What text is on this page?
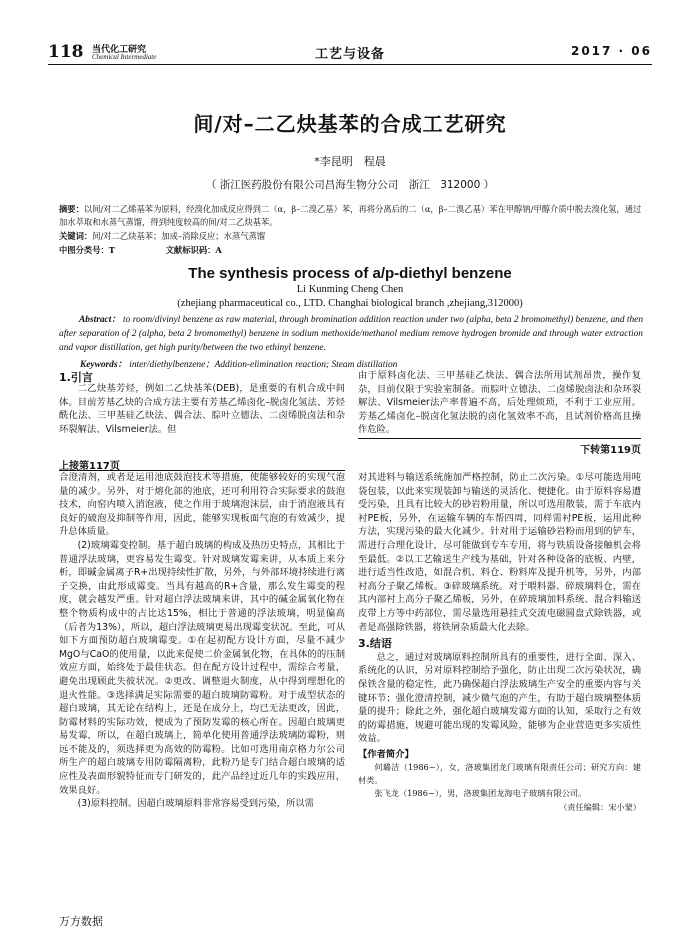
118 当代化工研究
Chemical Intermediate	工艺与设备	2017 · 06
间/对–二乙炔基苯的合成工艺研究
*李昆明　程晨
（ 浙江医药股份有限公司昌海生物分公司　浙江　312000 ）
摘要：以间/对二乙烯基苯为原料，经溴化加成反应得到二（α，β–二溴乙基）苯，再将分离后的二（α，β–二溴乙基）苯在甲醇钠/甲醇介质中脱去溴化氢，通过加水萃取和水蒸气蒸馏，得到纯度较高的间/对二乙炔基苯。
关键词：间/对二乙炔基苯；加成–消除反应；水蒸气蒸馏
中图分类号：T	文献标识码：A
The synthesis process of a/p-diethyl benzene
Li Kunming Cheng Chen
(zhejiang pharmaceutical co., LTD. Changhai biological branch ,zhejiang,312000)
Abstract： to room/divinyl benzene as raw material, through bromination addition reaction under two (alpha, beta 2 bromomethyl) benzene, and then after separation of 2 (alpha, beta 2 bromomethyl) benzene in sodium methoxide/methanol medium remove hydrogen bromide and through water extraction and vapor distillation, get high purity/between the two ethinyl benzene.
Keywords： inter/diethylbenzene；Addition-elimination reaction; Steam distillation
1.引言

二乙炔基芳烃，例如二乙炔基苯(DEB)，是重要的有机合成中间体。目前芳基乙炔的合成方法主要有芳基乙烯卤化–脱卤化氢法、芳烃酰化法、三甲基硅乙炔法、偶合法、腙叶立德法、二卤烯脱卤法和杂环裂解法、Vilsmeier法。但

由于原料卤化法、三甲基硅乙炔法、偶合法所用试剂昂贵，操作复杂，目前仅限于实验室制备。而腙叶立德法、二卤烯脱卤法和杂环裂解法、Vilsmeier法产率普遍不高，后处理烦琐，不利于工业应用。芳基乙烯卤化–脱卤化氢法脱的卤化氢效率不高，且试剂价格高且操作危险。

下转第119页
上接第117页

合澄清剂，或者是运用池底鼓泡技术等措施，使能够较好的实现气泡量的减少。另外，对于熔化部的池底，还可利用符合实际要求的鼓泡技术，向窑内喷入消泡液，使之作用于玻璃泡沫层，由于消泡液具有良好的破泡及抑制等作用，因此，能够实现板面气泡的有效减少，提升总体质量。

(2)玻璃霉变控制。基于超白玻璃的构成及热历史特点，其相比于普通浮法玻璃，更容易发生霉变。针对玻璃发霉来讲，从本质上来分析，即碱金属离子R+出现持续性扩散，另外，与外部环境持续进行离子交换，由此形成霉变。当具有越高的R+含量，那么发生霉变的程度，就会越发严重。针对超白浮法玻璃来讲，其中的碱金属氧化物在整个物质构成中的占比达15%，相比于普通的浮法玻璃，明显偏高（后者为13%），所以，超白浮法玻璃更易出现霉变状况。至此，可从如下方面预防超白玻璃霉变。①在起初配方设计方面，尽量不减少MgO与CaO的使用量，以此来促使二价金属氧化物，在具体的的压制效应方面，始终处于最佳状态。但在配方设计过程中，需综合考量，避免出现顾此失彼状况。②更改、调整退火制度，从中得到理想化的退火性能。③选择满足实际需要的超白玻璃防霉粉。对于成型状态的超白玻璃，其无论在结构上，还是在成分上，均已无法更改，因此，防霉材料的实际功效，便成为了预防发霉的核心所在。因超白玻璃更易发霉，所以，在超白玻璃上，简单化使用普通浮法玻璃防霉粉，则远不能及的，须选择更为高效的防霉粉。比如可选用南京格力尔公司所生产的超白玻璃专用防霉隔离粉，此粉乃是专门结合超白玻璃的适应性及表面形貌特征而专门研发的，此产品经过近几年的实践应用，效果良好。

(3)原料控制。因超白玻璃原料非常容易受到污染，所以需

对其进料与输送系统施加严格控制，防止二次污染。①尽可能选用吨袋包装，以此来实现装卸与输送的灵活化、便捷化。由于原料容易遭受污染，且具有比较大的砂岩粉用量，所以可选用散装，需于车底内衬PE板，另外，在运输车辆的车帮四周，同样需衬PE板，运用此种方法，实现污染的最大化减少。针对用于运输砂岩粉而用到的铲车，需进行合理化设计，尽可能做到专车专用，将与铁质设备接触机会将至最低。②以工艺输送生产线为基础，针对各种设备的底板、内壁，进行适当性改造，如混合机、料仓、粉料库及提升机等，另外，内部衬高分子聚乙烯板。③碎玻璃系统。对于喂料器、碎玻璃料仓，需在其内部衬上高分子聚乙烯板，另外，在碎玻璃加料系统、混合料输送皮带上方等中药部位，需尽量选用悬挂式交流电磁圆盘式除铁器，或者是高强除铁器，将铁屑杂质最大化去除。

3.结语

总之，通过对玻璃原料控制所具有的重要性，进行全面、深入、系统化的认识，另对原料控制给予强化，防止出现二次污染状况，确保铁含量的稳定性，此乃确保超白浮法玻璃生产安全的重要内容与关键环节；强化澄清控制，减少微气泡的产生，有助于超白玻璃整体质量的提升；除此之外，强化超白玻璃发霉方面的认知，采取行之有效的防霉措施，规避可能出现的发霉风险，能够为企业营造更多实质性效益。

【作者简介】
何璐洁（1986~），女，洛玻集团龙门玻璃有限责任公司；研究方向：建材类。
张飞龙（1986~），男，洛玻集团龙海电子玻璃有限公司。
（责任编辑：宋小蒙）
万方数据
